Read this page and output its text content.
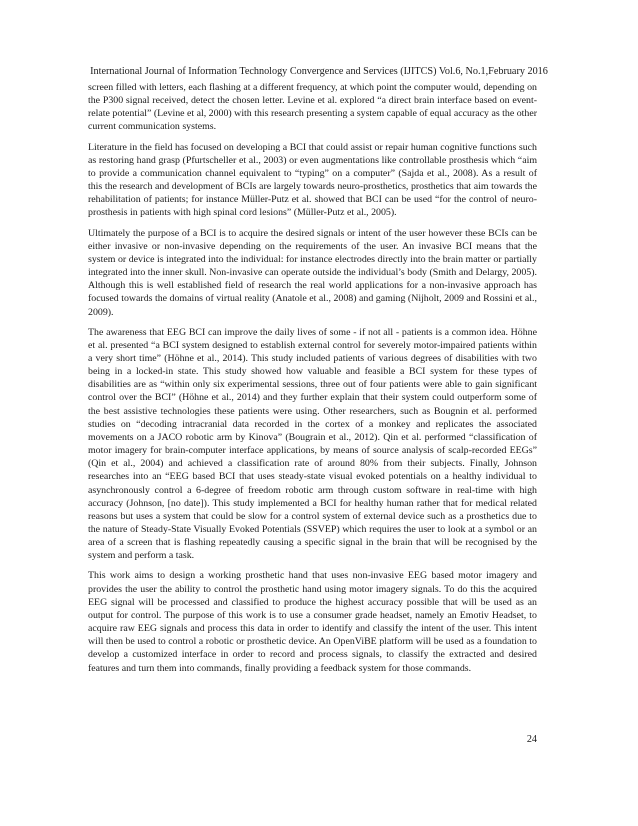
International Journal of Information Technology Convergence and Services (IJITCS) Vol.6, No.1,February 2016

screen filled with letters, each flashing at a different frequency, at which point the computer would, depending on the P300 signal received, detect the chosen letter. Levine et al. explored “a direct brain interface based on event-relate potential” (Levine et al, 2000) with this research presenting a system capable of equal accuracy as the other current communication systems.

Literature in the field has focused on developing a BCI that could assist or repair human cognitive functions such as restoring hand grasp (Pfurtscheller et al., 2003) or even augmentations like controllable prosthesis which “aim to provide a communication channel equivalent to “typing” on a computer” (Sajda et al., 2008). As a result of this the research and development of BCIs are largely towards neuro-prosthetics, prosthetics that aim towards the rehabilitation of patients; for instance Müller-Putz et al. showed that BCI can be used “for the control of neuro-prosthesis in patients with high spinal cord lesions” (Müller-Putz et al., 2005).

Ultimately the purpose of a BCI is to acquire the desired signals or intent of the user however these BCIs can be either invasive or non-invasive depending on the requirements of the user. An invasive BCI means that the system or device is integrated into the individual: for instance electrodes directly into the brain matter or partially integrated into the inner skull. Non-invasive can operate outside the individual’s body (Smith and Delargy, 2005). Although this is well established field of research the real world applications for a non-invasive approach has focused towards the domains of virtual reality (Anatole et al., 2008) and gaming (Nijholt, 2009 and Rossini et al., 2009).

The awareness that EEG BCI can improve the daily lives of some - if not all - patients is a common idea. Höhne et al. presented “a BCI system designed to establish external control for severely motor-impaired patients within a very short time” (Höhne et al., 2014). This study included patients of various degrees of disabilities with two being in a locked-in state. This study showed how valuable and feasible a BCI system for these types of disabilities are as “within only six experimental sessions, three out of four patients were able to gain significant control over the BCI” (Höhne et al., 2014) and they further explain that their system could outperform some of the best assistive technologies these patients were using. Other researchers, such as Bougnin et al. performed studies on “decoding intracranial data recorded in the cortex of a monkey and replicates the associated movements on a JACO robotic arm by Kinova” (Bougrain et al., 2012). Qin et al. performed “classification of motor imagery for brain-computer interface applications, by means of source analysis of scalp-recorded EEGs” (Qin et al., 2004) and achieved a classification rate of around 80% from their subjects. Finally, Johnson researches into an “EEG based BCI that uses steady-state visual evoked potentials on a healthy individual to asynchronously control a 6-degree of freedom robotic arm through custom software in real-time with high accuracy (Johnson, [no date]). This study implemented a BCI for healthy human rather that for medical related reasons but uses a system that could be slow for a control system of external device such as a prosthetics due to the nature of Steady-State Visually Evoked Potentials (SSVEP) which requires the user to look at a symbol or an area of a screen that is flashing repeatedly causing a specific signal in the brain that will be recognised by the system and perform a task.

This work aims to design a working prosthetic hand that uses non-invasive EEG based motor imagery and provides the user the ability to control the prosthetic hand using motor imagery signals. To do this the acquired EEG signal will be processed and classified to produce the highest accuracy possible that will be used as an output for control. The purpose of this work is to use a consumer grade headset, namely an Emotiv Headset, to acquire raw EEG signals and process this data in order to identify and classify the intent of the user. This intent will then be used to control a robotic or prosthetic device. An OpenViBE platform will be used as a foundation to develop a customized interface in order to record and process signals, to classify the extracted and desired features and turn them into commands, finally providing a feedback system for those commands.

24
